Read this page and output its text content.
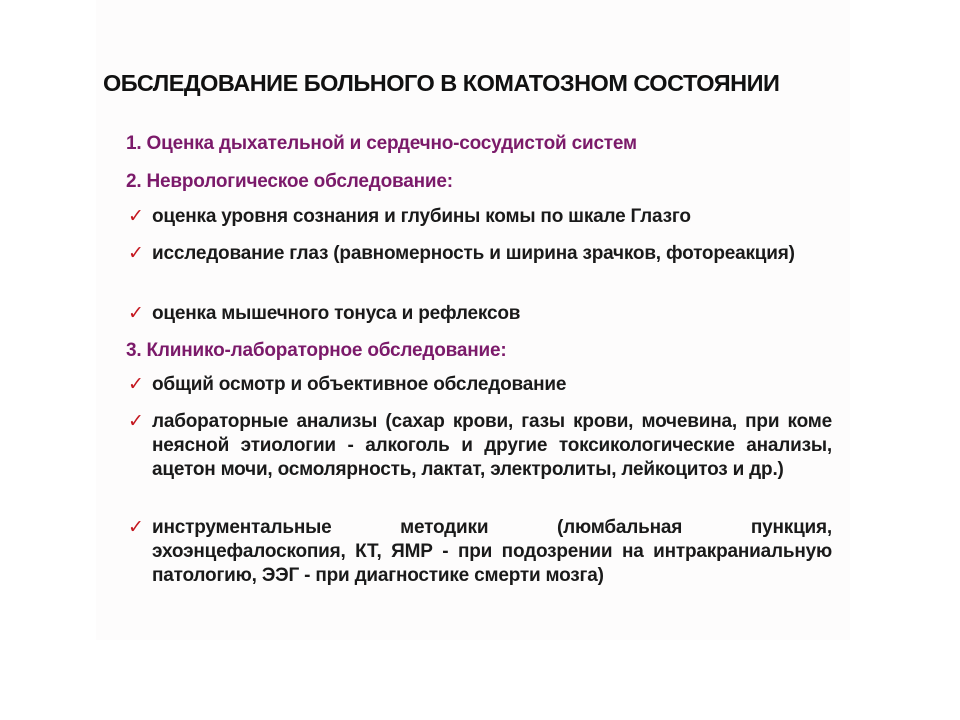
ОБСЛЕДОВАНИЕ БОЛЬНОГО В КОМАТОЗНОМ СОСТОЯНИИ
1. Оценка дыхательной и сердечно-сосудистой систем
2. Неврологическое обследование:
✓ оценка уровня сознания и глубины комы по шкале Глазго
✓ исследование глаз (равномерность и ширина зрачков, фотореакция)
✓ оценка мышечного тонуса и рефлексов
3. Клинико-лабораторное обследование:
✓ общий осмотр и объективное обследование
✓ лабораторные анализы (сахар крови, газы крови, мочевина, при коме неясной этиологии - алкоголь и другие токсикологические анализы, ацетон мочи, осмолярность, лактат, электролиты, лейкоцитоз и др.)
✓ инструментальные методики (люмбальная пункция, эхоэнцефалоскопия, КТ, ЯМР - при подозрении на интракраниальную патологию, ЭЭГ - при диагностике смерти мозга)
